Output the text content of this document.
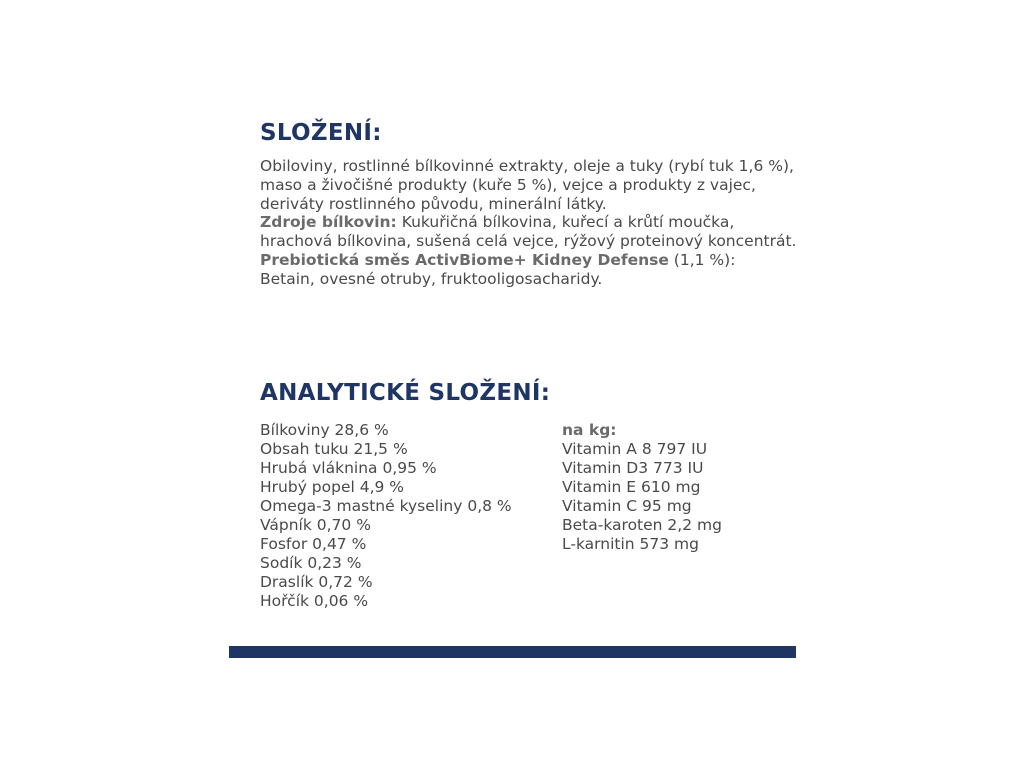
SLOŽENÍ:
Obiloviny, rostlinné bílkovinné extrakty, oleje a tuky (rybí tuk 1,6 %), maso a živočišné produkty (kuře 5 %), vejce a produkty z vajec, deriváty rostlinného původu, minerální látky.
Zdroje bílkovin: Kukuřičná bílkovina, kuřecí a krůtí moučka, hrachová bílkovina, sušená celá vejce, rýžový proteinový koncentrát.
Prebiotická směs ActivBiome+ Kidney Defense (1,1 %):
Betain, ovesné otruby, fruktooligosacharidy.
ANALYTICKÉ SLOŽENÍ:
Bílkoviny 28,6 %
Obsah tuku 21,5 %
Hrubá vláknina 0,95 %
Hrubý popel 4,9 %
Omega-3 mastné kyseliny 0,8 %
Vápník 0,70 %
Fosfor 0,47 %
Sodík 0,23 %
Draslík 0,72 %
Hořčík 0,06 %
na kg:
Vitamin A 8 797 IU
Vitamin D3 773 IU
Vitamin E 610 mg
Vitamin C 95 mg
Beta-karoten 2,2 mg
L-karnitin 573 mg
